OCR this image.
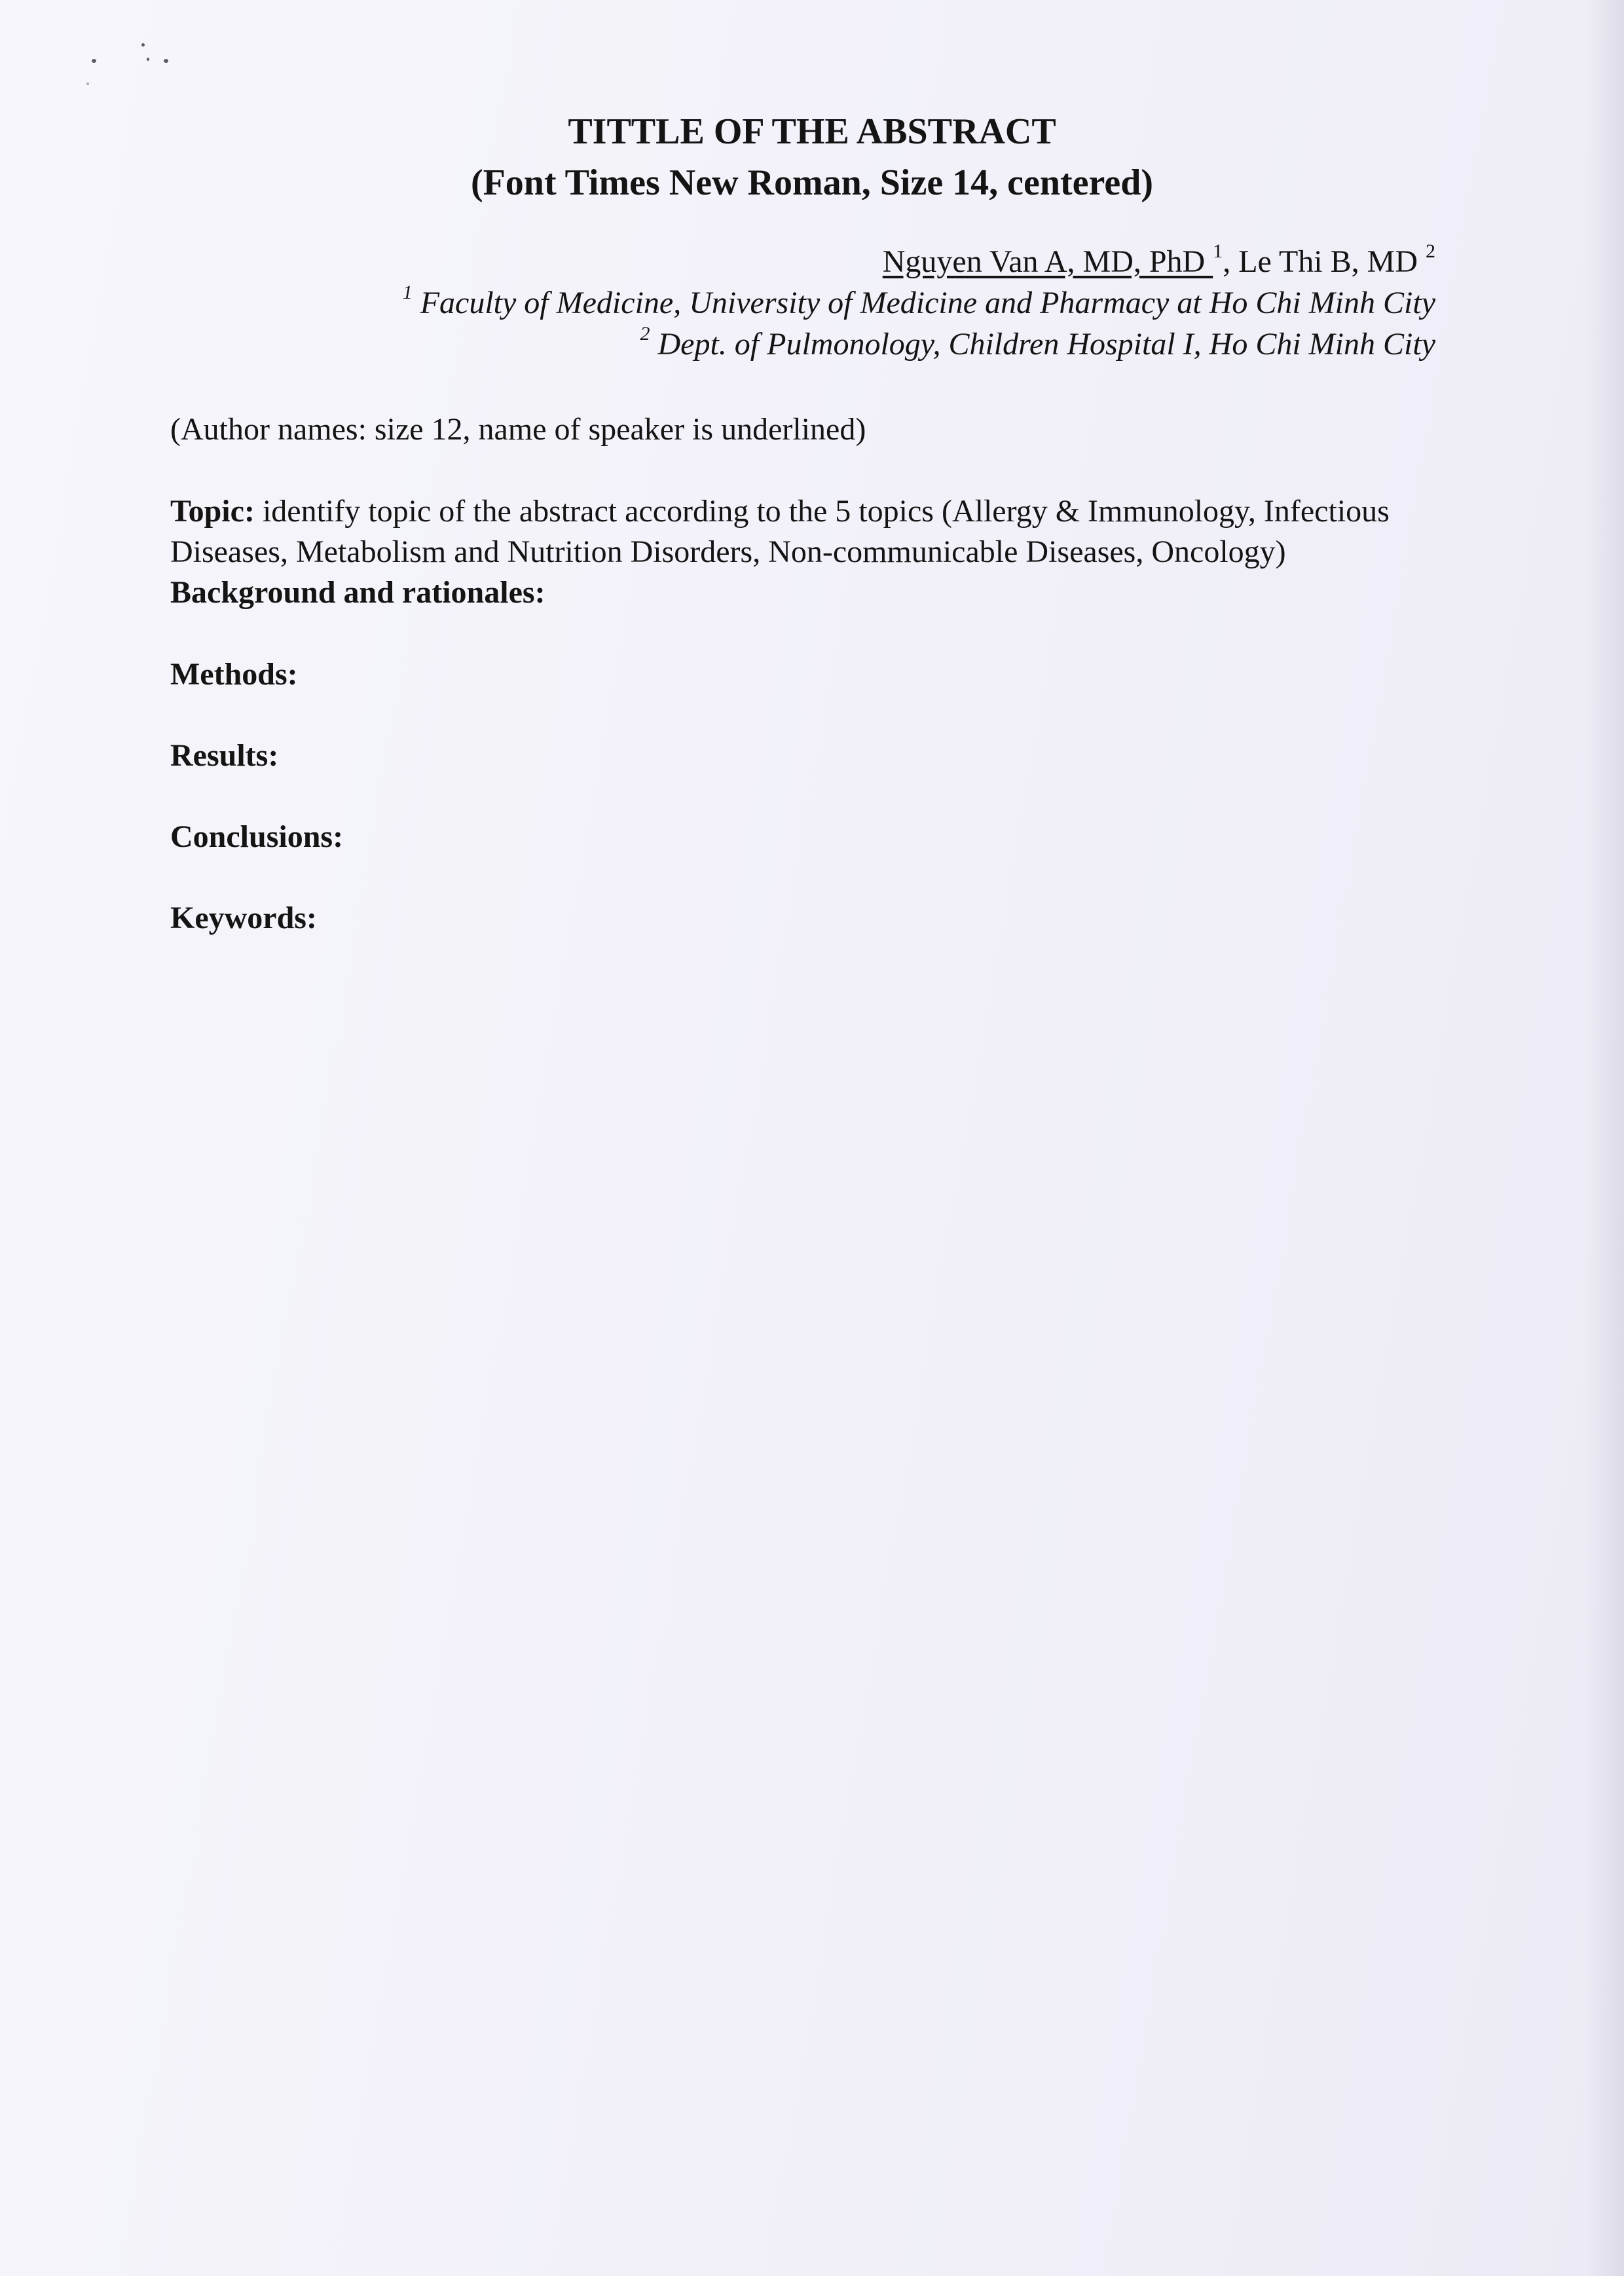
TITTLE OF THE ABSTRACT
(Font Times New Roman, Size 14, centered)
Nguyen Van A, MD, PhD $^1$, Le Thi B, MD $^2$
$^1$ Faculty of Medicine, University of Medicine and Pharmacy at Ho Chi Minh City
$^2$ Dept. of Pulmonology, Children Hospital I, Ho Chi Minh City
(Author names: size 12, name of speaker is underlined)
Topic: identify topic of the abstract according to the 5 topics (Allergy & Immunology, Infectious
Diseases, Metabolism and Nutrition Disorders, Non-communicable Diseases, Oncology)
Background and rationales:
Methods:
Results:
Conclusions:
Keywords:
